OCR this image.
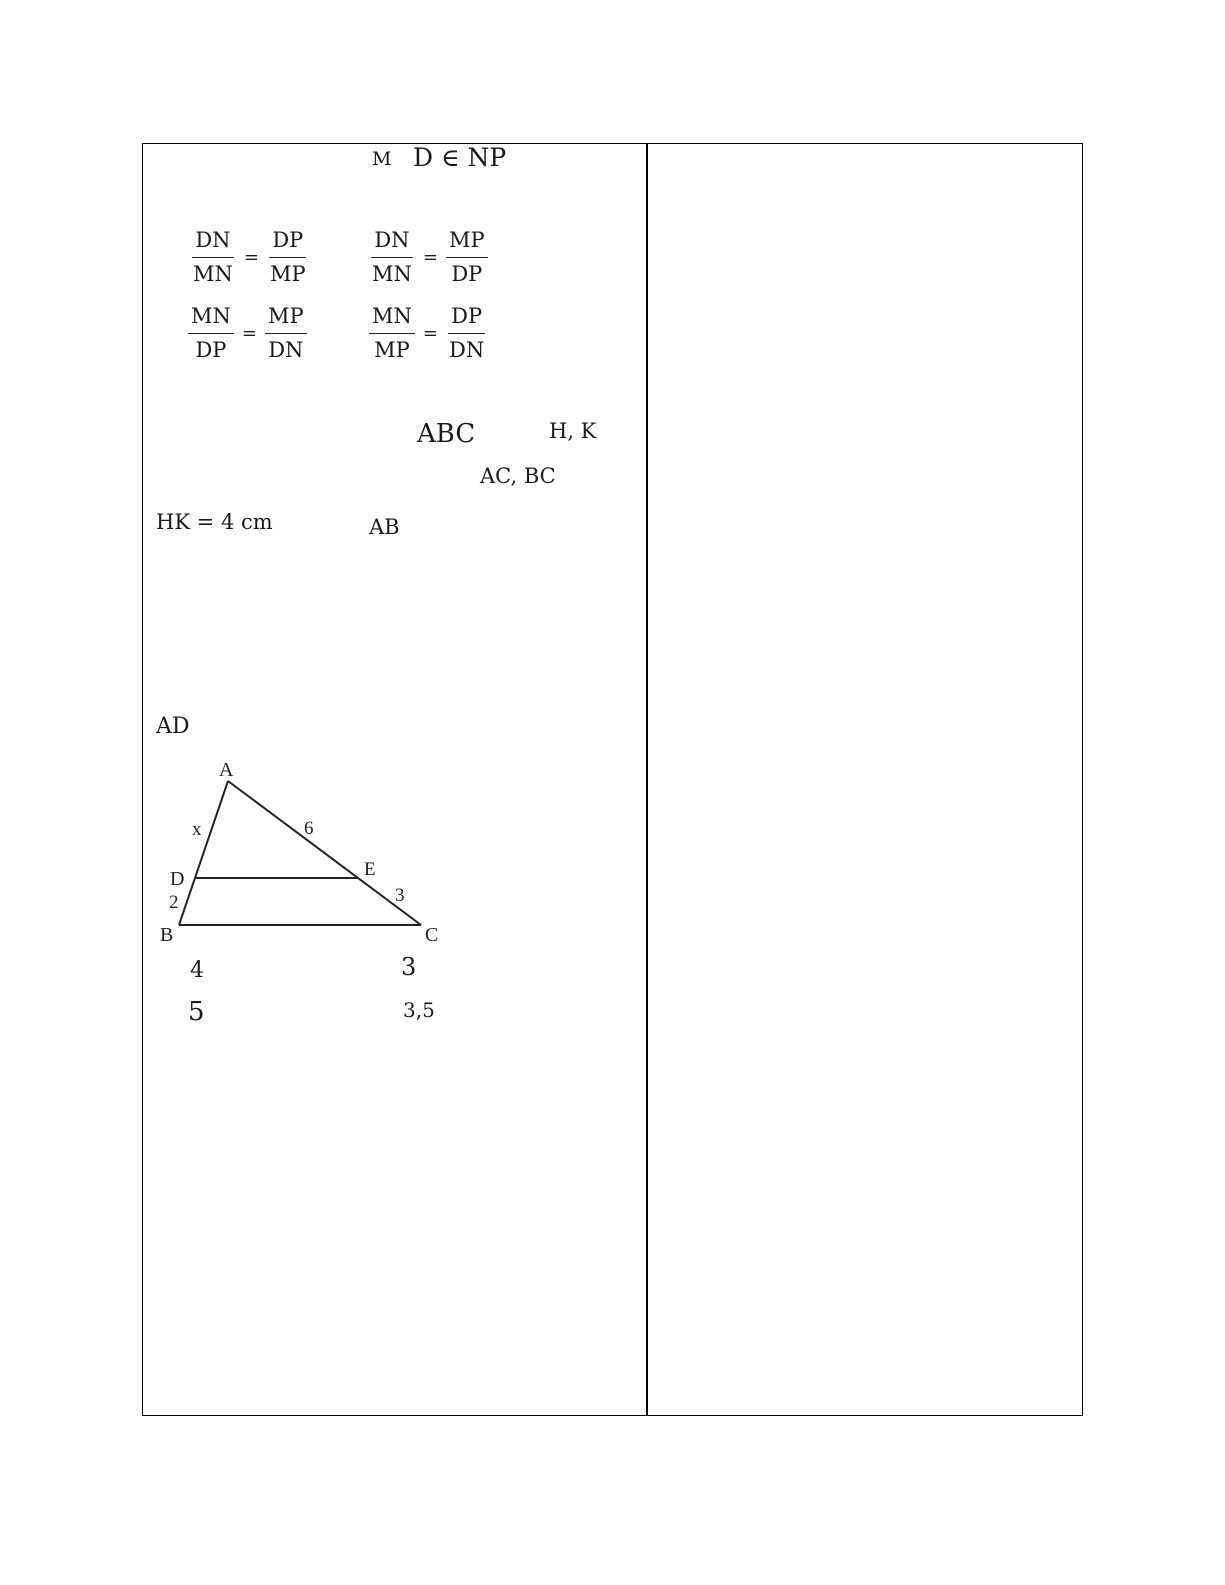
M D ∈ NP
$\frac{DN}{MN} = \frac{DP}{MP}$	$\frac{DN}{MN} = \frac{MP}{DP}$
$\frac{MN}{DP} = \frac{MP}{DN}$	$\frac{MN}{MP} = \frac{DP}{DN}$
ABC	H, K
AC, BC
HK = 4 cm	AB
AD
A
x	6
D	E
2	3
B	C
4	3
5	3,5
